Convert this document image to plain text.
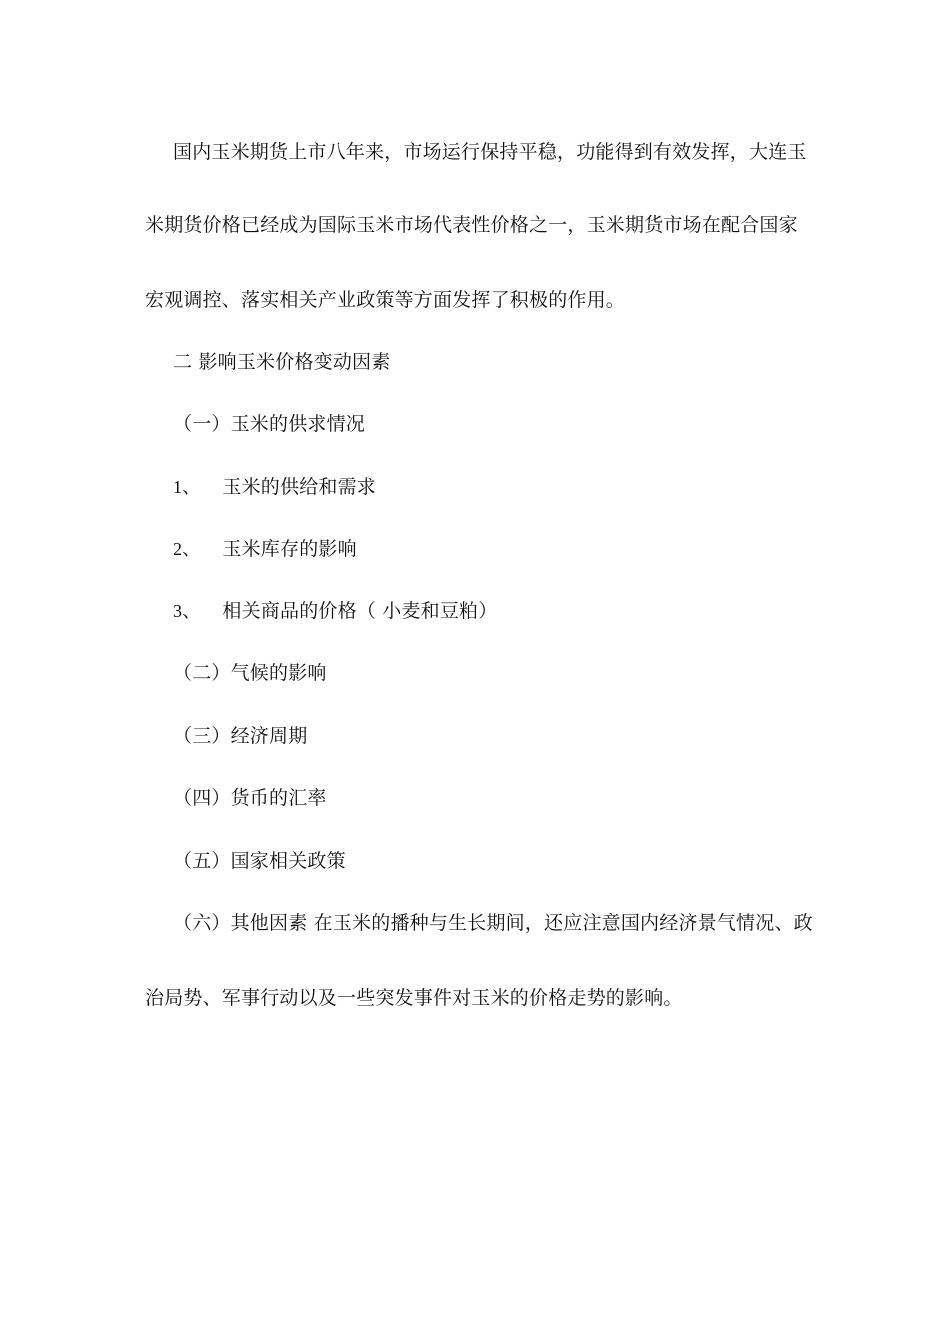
国内玉米期货上市八年来，市场运行保持平稳，功能得到有效发挥，大连玉
米期货价格已经成为国际玉米市场代表性价格之一，玉米期货市场在配合国家
宏观调控、落实相关产业政策等方面发挥了积极的作用。
二 影响玉米价格变动因素
（一）玉米的供求情况
1、 玉米的供给和需求
2、 玉米库存的影响
3、 相关商品的价格（ 小麦和豆粕）
（二）气候的影响
（三）经济周期
（四）货币的汇率
（五）国家相关政策
（六）其他因素 在玉米的播种与生长期间，还应注意国内经济景气情况、政
治局势、军事行动以及一些突发事件对玉米的价格走势的影响。
